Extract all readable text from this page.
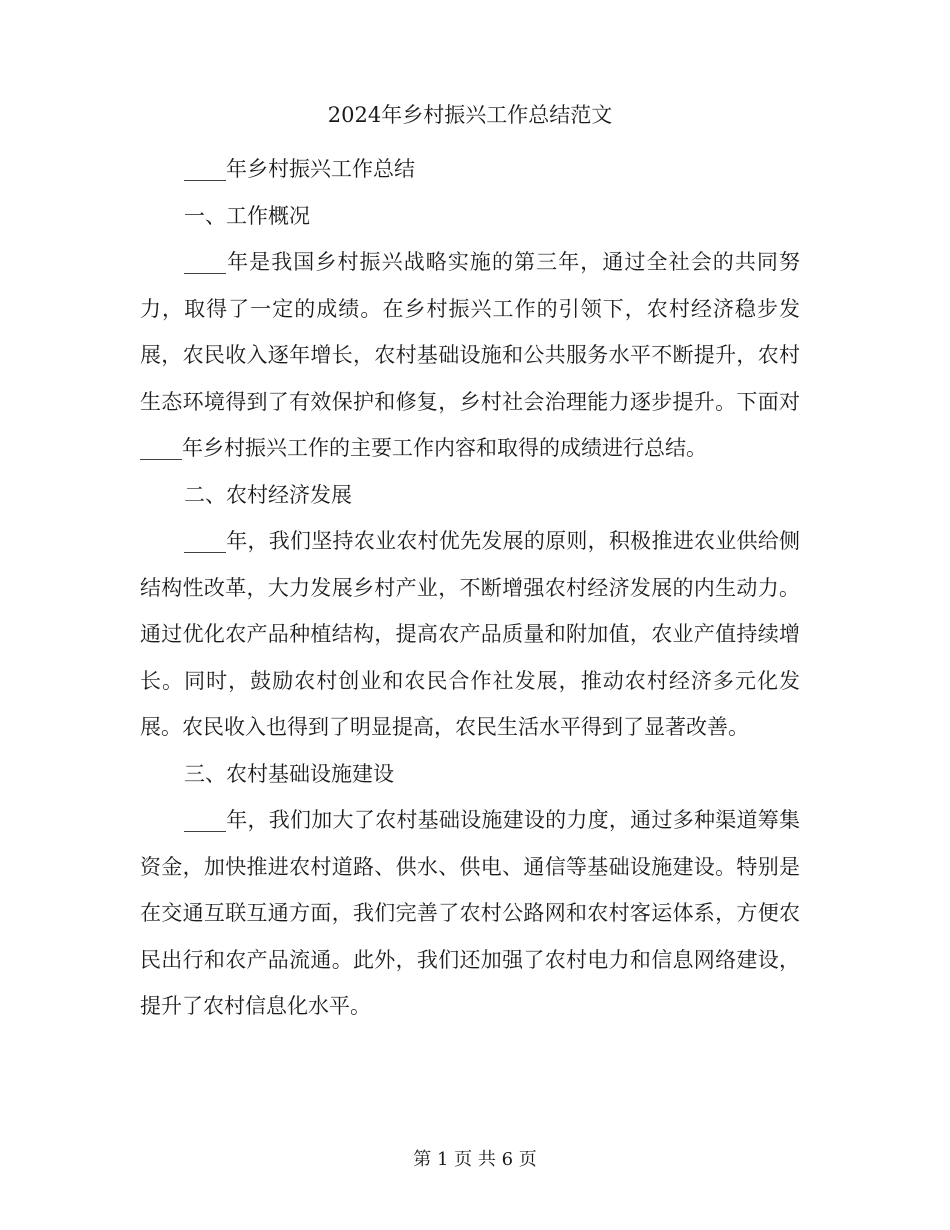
2024年乡村振兴工作总结范文

____年乡村振兴工作总结

一、工作概况

____年是我国乡村振兴战略实施的第三年，通过全社会的共同努力，取得了一定的成绩。在乡村振兴工作的引领下，农村经济稳步发展，农民收入逐年增长，农村基础设施和公共服务水平不断提升，农村生态环境得到了有效保护和修复，乡村社会治理能力逐步提升。下面对____年乡村振兴工作的主要工作内容和取得的成绩进行总结。

二、农村经济发展

____年，我们坚持农业农村优先发展的原则，积极推进农业供给侧结构性改革，大力发展乡村产业，不断增强农村经济发展的内生动力。通过优化农产品种植结构，提高农产品质量和附加值，农业产值持续增长。同时，鼓励农村创业和农民合作社发展，推动农村经济多元化发展。农民收入也得到了明显提高，农民生活水平得到了显著改善。

三、农村基础设施建设

____年，我们加大了农村基础设施建设的力度，通过多种渠道筹集资金，加快推进农村道路、供水、供电、通信等基础设施建设。特别是在交通互联互通方面，我们完善了农村公路网和农村客运体系，方便农民出行和农产品流通。此外，我们还加强了农村电力和信息网络建设，提升了农村信息化水平。

第 1 页 共 6 页
